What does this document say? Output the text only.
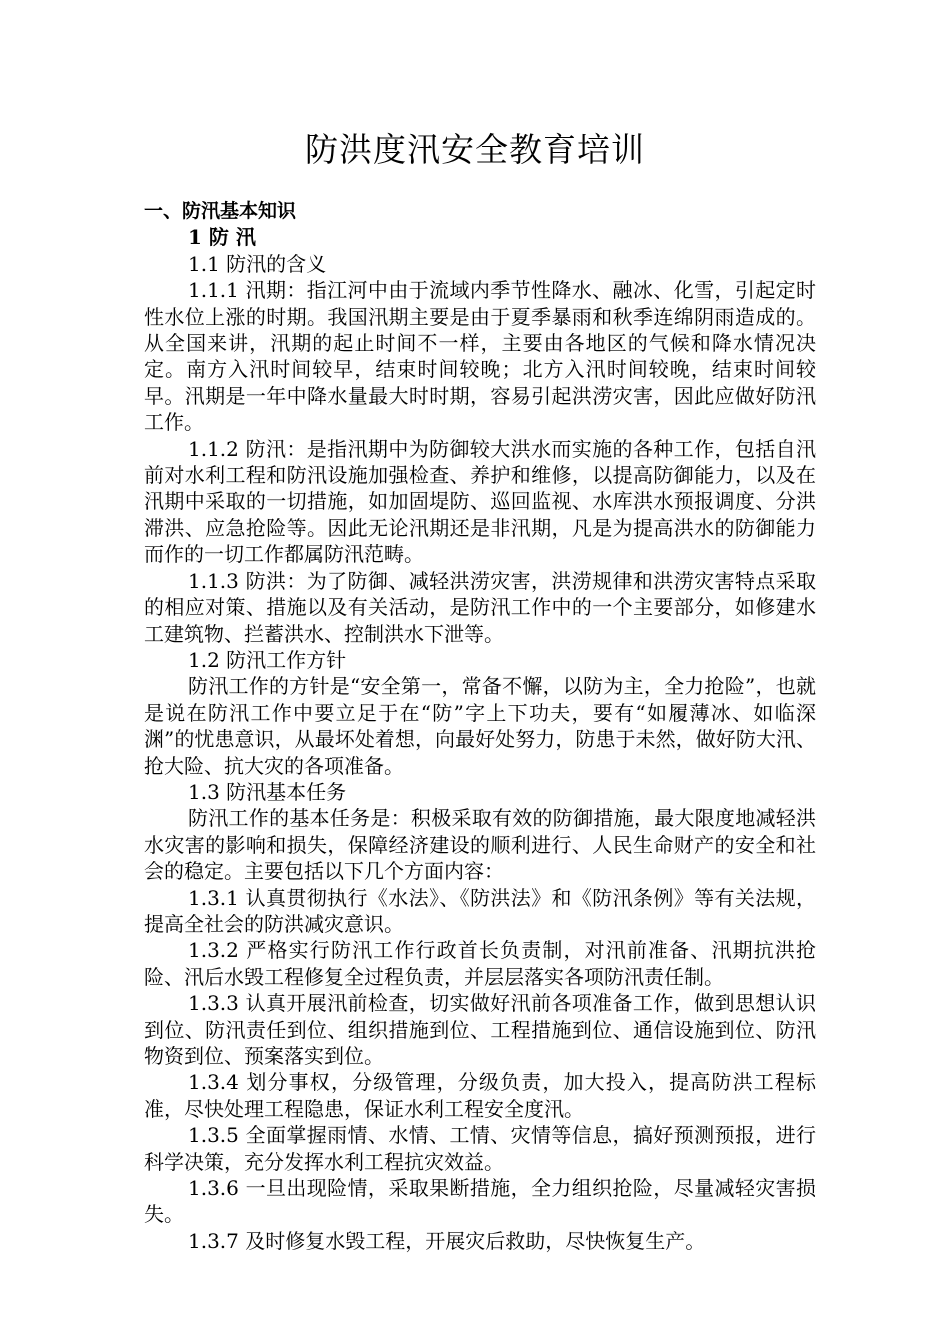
防洪度汛安全教育培训

一、防汛基本知识

1 防 汛

1.1 防汛的含义

1.1.1 汛期：指江河中由于流域内季节性降水、融冰、化雪，引起定时性水位上涨的时期。我国汛期主要是由于夏季暴雨和秋季连绵阴雨造成的。从全国来讲，汛期的起止时间不一样，主要由各地区的气候和降水情况决定。南方入汛时间较早，结束时间较晚；北方入汛时间较晚，结束时间较早。汛期是一年中降水量最大时时期，容易引起洪涝灾害，因此应做好防汛工作。

1.1.2 防汛：是指汛期中为防御较大洪水而实施的各种工作，包括自汛前对水利工程和防汛设施加强检查、养护和维修，以提高防御能力，以及在汛期中采取的一切措施，如加固堤防、巡回监视、水库洪水预报调度、分洪滞洪、应急抢险等。因此无论汛期还是非汛期，凡是为提高洪水的防御能力而作的一切工作都属防汛范畴。

1.1.3 防洪：为了防御、减轻洪涝灾害，洪涝规律和洪涝灾害特点采取的相应对策、措施以及有关活动，是防汛工作中的一个主要部分，如修建水工建筑物、拦蓄洪水、控制洪水下泄等。

1.2 防汛工作方针

防汛工作的方针是“安全第一，常备不懈，以防为主，全力抢险”，也就是说在防汛工作中要立足于在“防”字上下功夫，要有“如履薄冰、如临深渊”的忧患意识，从最坏处着想，向最好处努力，防患于未然，做好防大汛、抢大险、抗大灾的各项准备。

1.3 防汛基本任务

防汛工作的基本任务是：积极采取有效的防御措施，最大限度地减轻洪水灾害的影响和损失，保障经济建设的顺利进行、人民生命财产的安全和社会的稳定。主要包括以下几个方面内容：

1.3.1 认真贯彻执行《水法》、《防洪法》和《防汛条例》等有关法规，提高全社会的防洪减灾意识。

1.3.2 严格实行防汛工作行政首长负责制，对汛前准备、汛期抗洪抢险、汛后水毁工程修复全过程负责，并层层落实各项防汛责任制。

1.3.3 认真开展汛前检查，切实做好汛前各项准备工作，做到思想认识到位、防汛责任到位、组织措施到位、工程措施到位、通信设施到位、防汛物资到位、预案落实到位。

1.3.4 划分事权，分级管理，分级负责，加大投入，提高防洪工程标准，尽快处理工程隐患，保证水利工程安全度汛。

1.3.5 全面掌握雨情、水情、工情、灾情等信息，搞好预测预报，进行科学决策，充分发挥水利工程抗灾效益。

1.3.6 一旦出现险情，采取果断措施，全力组织抢险，尽量减轻灾害损失。

1.3.7 及时修复水毁工程，开展灾后救助，尽快恢复生产。
